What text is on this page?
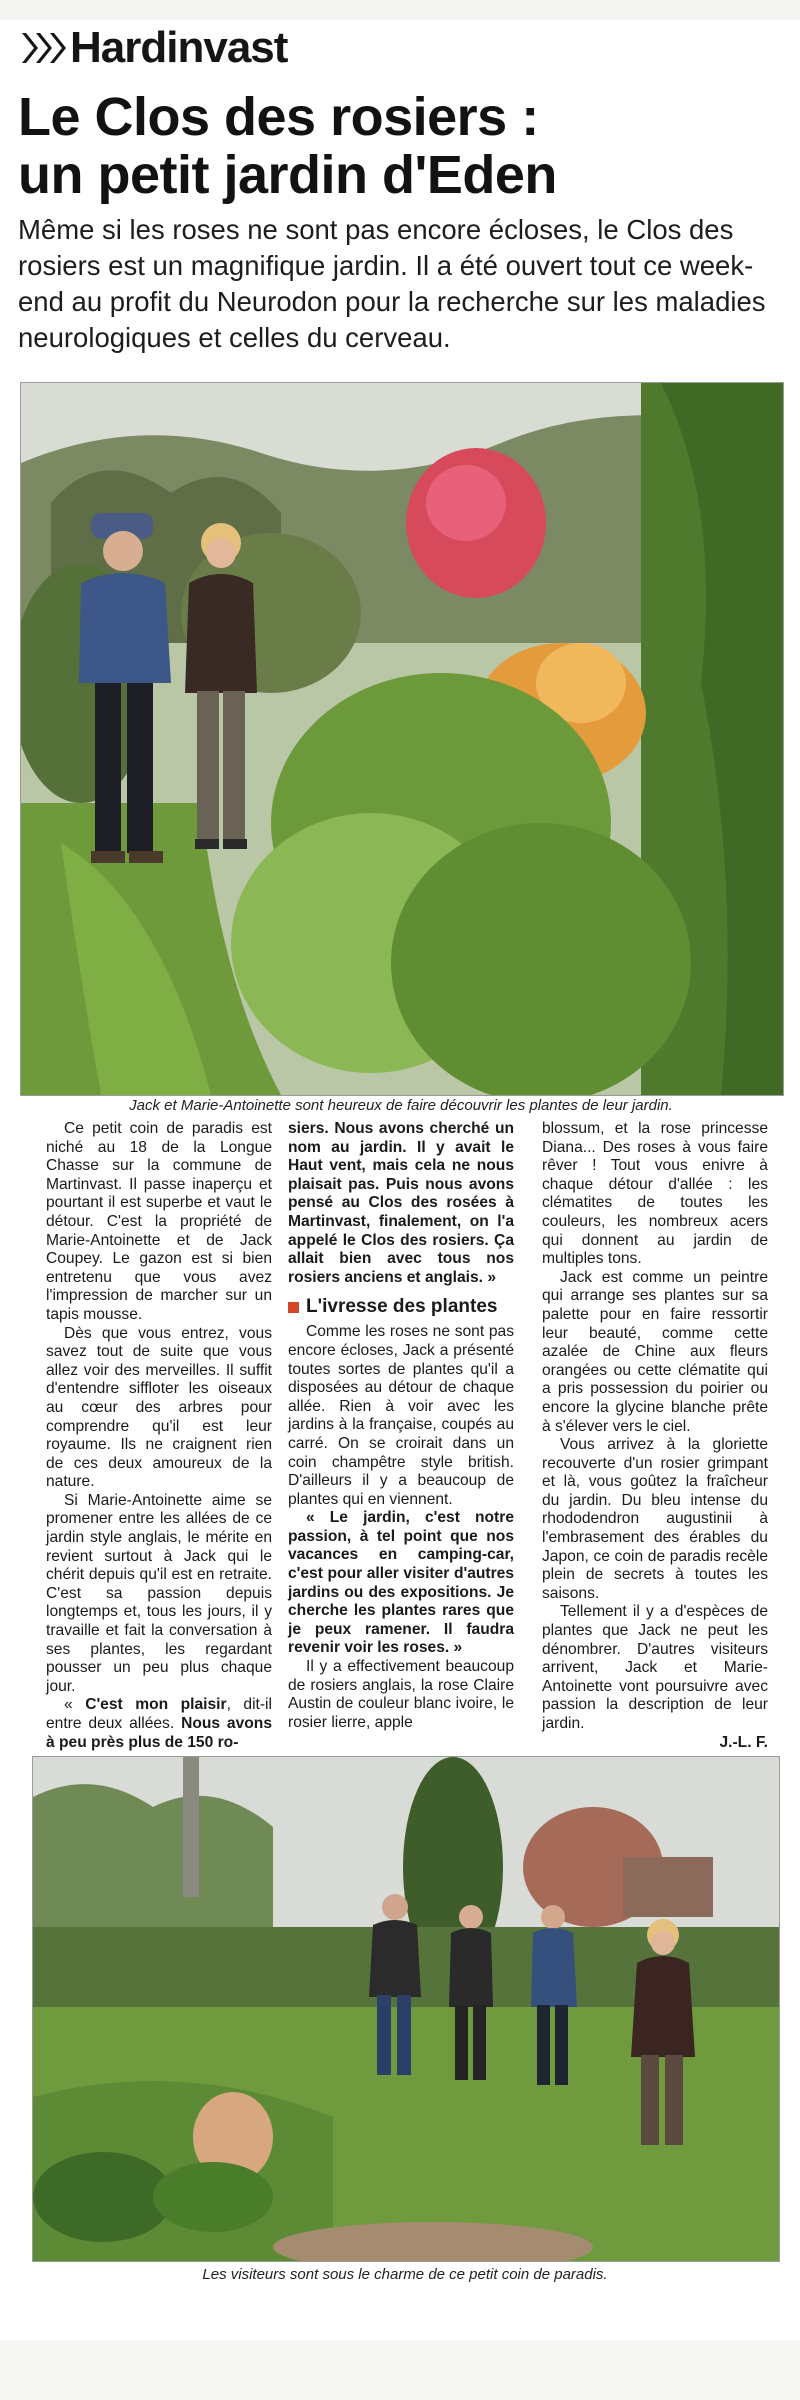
Hardinvast
Le Clos des rosiers :
un petit jardin d'Eden
Même si les roses ne sont pas encore écloses, le Clos des rosiers est un magnifique jardin. Il a été ouvert tout ce week-end au profit du Neurodon pour la recherche sur les maladies neurologiques et celles du cerveau.
Jack et Marie-Antoinette sont heureux de faire découvrir les plantes de leur jardin.

Ce petit coin de paradis est niché au 18 de la Longue Chasse sur la commune de Martinvast. Il passe inaperçu et pourtant il est superbe et vaut le détour. C'est la propriété de Marie-Antoinette et de Jack Coupey. Le gazon est si bien entretenu que vous avez l'impression de marcher sur un tapis mousse.

Dès que vous entrez, vous savez tout de suite que vous allez voir des merveilles. Il suffit d'entendre siffloter les oiseaux au cœur des arbres pour comprendre qu'il est leur royaume. Ils ne craignent rien de ces deux amoureux de la nature.

Si Marie-Antoinette aime se promener entre les allées de ce jardin style anglais, le mérite en revient surtout à Jack qui le chérit depuis qu'il est en retraite. C'est sa passion depuis longtemps et, tous les jours, il y travaille et fait la conversation à ses plantes, les regardant pousser un peu plus chaque jour.

« C'est mon plaisir, dit-il entre deux allées. Nous avons à peu près plus de 150 ro-

siers. Nous avons cherché un nom au jardin. Il y avait le Haut vent, mais cela ne nous plaisait pas. Puis nous avons pensé au Clos des rosées à Martinvast, finalement, on l'a appelé le Clos des rosiers. Ça allait bien avec tous nos rosiers anciens et anglais. »

L'ivresse des plantes

Comme les roses ne sont pas encore écloses, Jack a présenté toutes sortes de plantes qu'il a disposées au détour de chaque allée. Rien à voir avec les jardins à la française, coupés au carré. On se croirait dans un coin champêtre style british. D'ailleurs il y a beaucoup de plantes qui en viennent.

« Le jardin, c'est notre passion, à tel point que nos vacances en camping-car, c'est pour aller visiter d'autres jardins ou des expositions. Je cherche les plantes rares que je peux ramener. Il faudra revenir voir les roses. »

Il y a effectivement beaucoup de rosiers anglais, la rose Claire Austin de couleur blanc ivoire, le rosier lierre, apple

blossum, et la rose princesse Diana... Des roses à vous faire rêver ! Tout vous enivre à chaque détour d'allée : les clématites de toutes les couleurs, les nombreux acers qui donnent au jardin de multiples tons.

Jack est comme un peintre qui arrange ses plantes sur sa palette pour en faire ressortir leur beauté, comme cette azalée de Chine aux fleurs orangées ou cette clématite qui a pris possession du poirier ou encore la glycine blanche prête à s'élever vers le ciel.

Vous arrivez à la gloriette recouverte d'un rosier grimpant et là, vous goûtez la fraîcheur du jardin. Du bleu intense du rhododendron augustinii à l'embrasement des érables du Japon, ce coin de paradis recèle plein de secrets à toutes les saisons.

Tellement il y a d'espèces de plantes que Jack ne peut les dénombrer. D'autres visiteurs arrivent, Jack et Marie-Antoinette vont poursuivre avec passion la description de leur jardin.

J.-L. F.

Les visiteurs sont sous le charme de ce petit coin de paradis.
